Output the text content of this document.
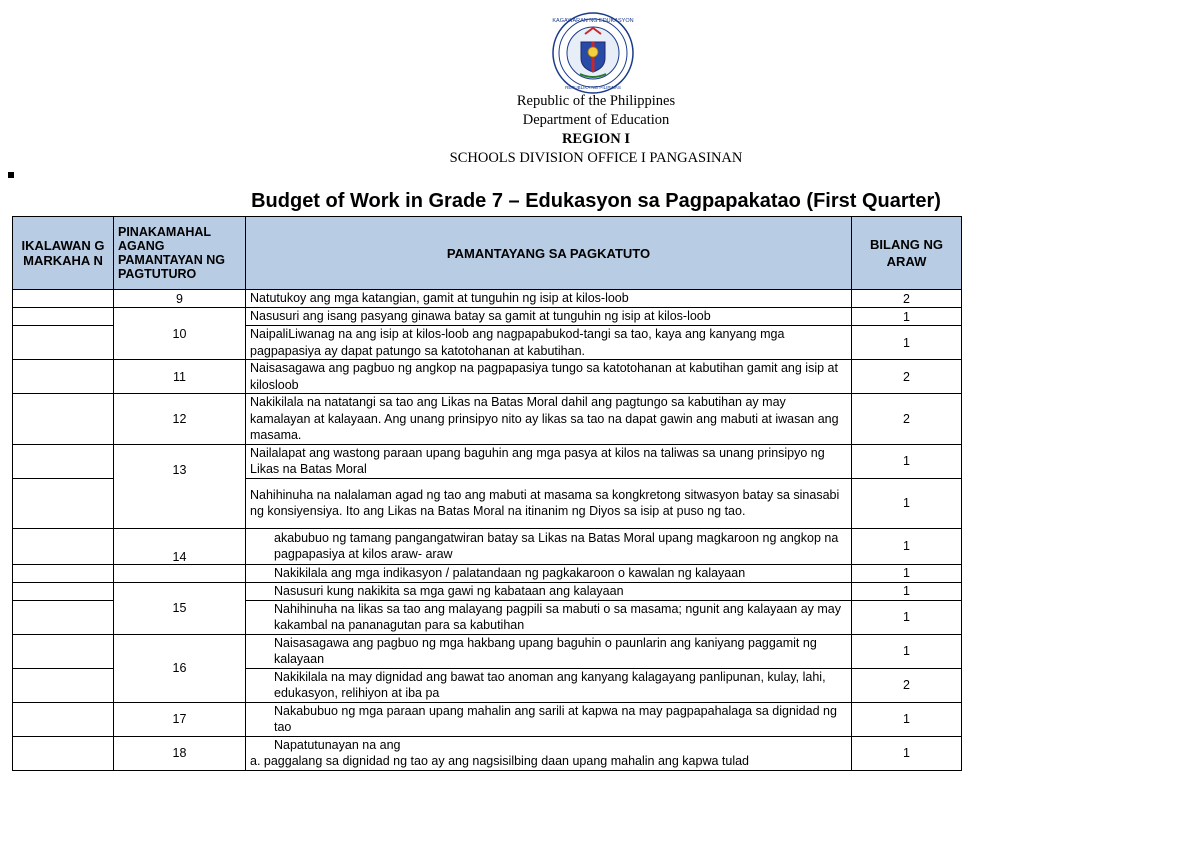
KAGAWARAN NG EDUKASYON
REPUBLIKA NG PILIPINAS
Republic of the Philippines
Department of Education
REGION I
SCHOOLS DIVISION OFFICE I PANGASINAN
Budget of Work in Grade 7 – Edukasyon sa Pagpapakatao (First Quarter)
IKALAWAN G MARKAHA N	PINAKAMAHAL AGANG PAMANTAYAN NG PAGTUTURO	PAMANTAYANG SA PAGKATUTO	BILANG NG ARAW
	9	Natutukoy ang mga katangian, gamit at tunguhin ng isip at kilos-loob	2
	10	Nasusuri ang isang pasyang ginawa batay sa gamit at tunguhin ng isip at kilos-loob	1
		NaipaliLiwanag na ang isip at kilos-loob ang nagpapabukod-tangi sa tao, kaya ang kanyang mga pagpapasiya ay dapat patungo sa katotohanan at kabutihan.	1
	11	Naisasagawa ang pagbuo ng angkop na pagpapasiya tungo sa katotohanan at kabutihan gamit ang isip at kilosloob	2
	12	Nakikilala na natatangi sa tao ang Likas na Batas Moral dahil ang pagtungo sa kabutihan ay may kamalayan at kalayaan. Ang unang prinsipyo nito ay likas sa tao na dapat gawin ang mabuti at iwasan ang masama.	2
	13	Nailalapat ang wastong paraan upang baguhin ang mga pasya at kilos na taliwas sa unang prinsipyo ng Likas na Batas Moral	1
		Nahihinuha na nalalaman agad ng tao ang mabuti at masama sa kongkretong sitwasyon batay sa sinasabi ng konsiyensiya. Ito ang Likas na Batas Moral na itinanim ng Diyos sa isip at puso ng tao.	1
	14	akabubuo ng tamang pangangatwiran batay sa Likas na Batas Moral upang magkaroon ng angkop na pagpapasiya at kilos araw- araw	1
		Nakikilala ang mga indikasyon / palatandaan ng pagkakaroon o kawalan ng kalayaan	1
	15	Nasusuri kung nakikita sa mga gawi ng kabataan ang kalayaan	1
		Nahihinuha na likas sa tao ang malayang pagpili sa mabuti o sa masama; ngunit ang kalayaan ay may kakambal na pananagutan para sa kabutihan	1
	16	Naisasagawa ang pagbuo ng mga hakbang upang baguhin o paunlarin ang kaniyang paggamit ng kalayaan	1
		Nakikilala na may dignidad ang bawat tao anoman ang kanyang kalagayang panlipunan, kulay, lahi, edukasyon, relihiyon at iba pa	2
	17	Nakabubuo ng mga paraan upang mahalin ang sarili at kapwa na may pagpapahalaga sa dignidad ng tao	1
	18	Napatutunayan na ang
a. paggalang sa dignidad ng tao ay ang nagsisilbing daan upang mahalin ang kapwa tulad	1
